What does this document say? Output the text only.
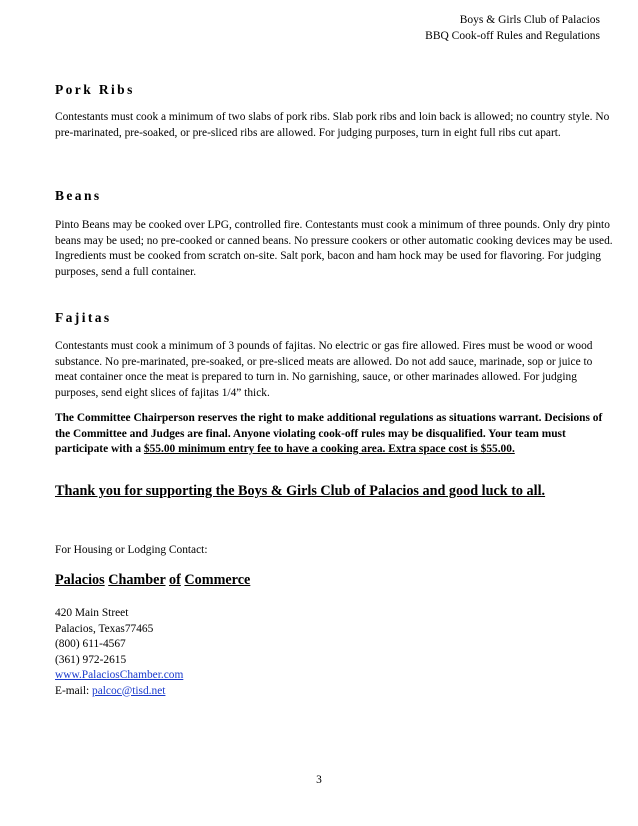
Boys & Girls Club of Palacios
BBQ Cook-off Rules and Regulations
Pork Ribs
Contestants must cook a minimum of two slabs of pork ribs. Slab pork ribs and loin back is allowed; no country style. No pre-marinated, pre-soaked, or pre-sliced ribs are allowed. For judging purposes, turn in eight full ribs cut apart.
Beans
Pinto Beans may be cooked over LPG, controlled fire. Contestants must cook a minimum of three pounds. Only dry pinto beans may be used; no pre-cooked or canned beans. No pressure cookers or other automatic cooking devices may be used. Ingredients must be cooked from scratch on-site. Salt pork, bacon and ham hock may be used for flavoring. For judging purposes, send a full container.
Fajitas
Contestants must cook a minimum of 3 pounds of fajitas. No electric or gas fire allowed. Fires must be wood or wood substance. No pre-marinated, pre-soaked, or pre-sliced meats are allowed. Do not add sauce, marinade, sop or juice to meat container once the meat is prepared to turn in. No garnishing, sauce, or other marinades allowed. For judging purposes, send eight slices of fajitas 1/4” thick.
The Committee Chairperson reserves the right to make additional regulations as situations warrant. Decisions of the Committee and Judges are final. Anyone violating cook-off rules may be disqualified. Your team must participate with a $55.00 minimum entry fee to have a cooking area. Extra space cost is $55.00.
Thank you for supporting the Boys & Girls Club of Palacios and good luck to all.
For Housing or Lodging Contact:
Palacios Chamber of Commerce
420 Main Street
Palacios, Texas77465
(800) 611-4567
(361) 972-2615
www.PalaciosChamber.com
E-mail: palcoc@tisd.net
3
